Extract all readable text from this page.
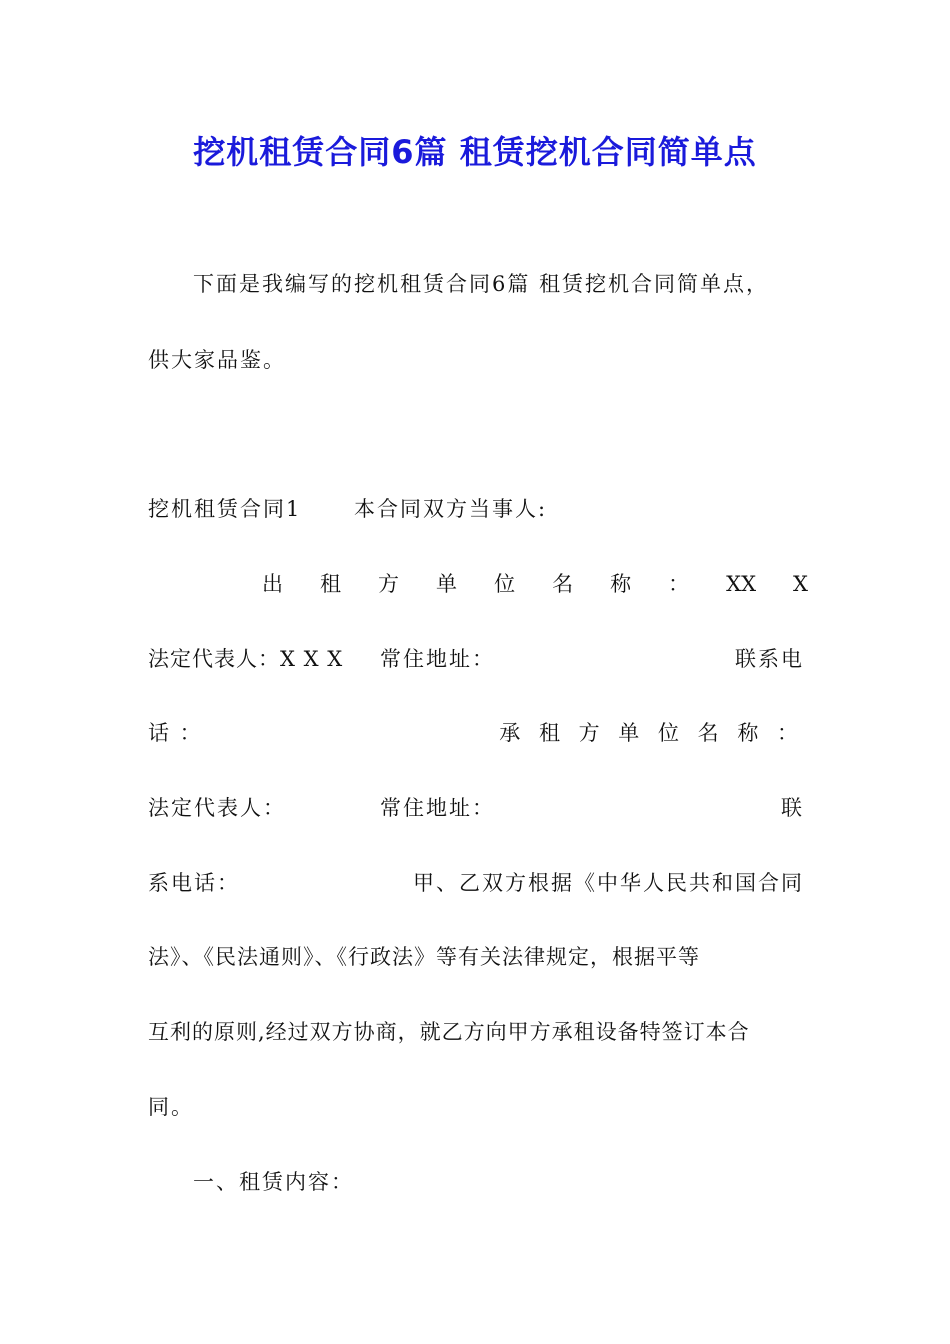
挖机租赁合同6篇 租赁挖机合同简单点
下面是我编写的挖机租赁合同6篇 租赁挖机合同简单点，
供大家品鉴。
挖机租赁合同1	本合同双方当事人:
出 租 方 单 位 名 称 ： XX X
法定代表人：X X X 常住地址：	联系电
话 ：	承 租 方 单 位 名 称 ：
法定代表人：	常住地址：	联
系电话：	甲、乙双方根据《中华人民共和国合同
法》、《民法通则》、《行政法》等有关法律规定，根据平等
互利的原则,经过双方协商，就乙方向甲方承租设备特签订本合
同。
一、租赁内容：
